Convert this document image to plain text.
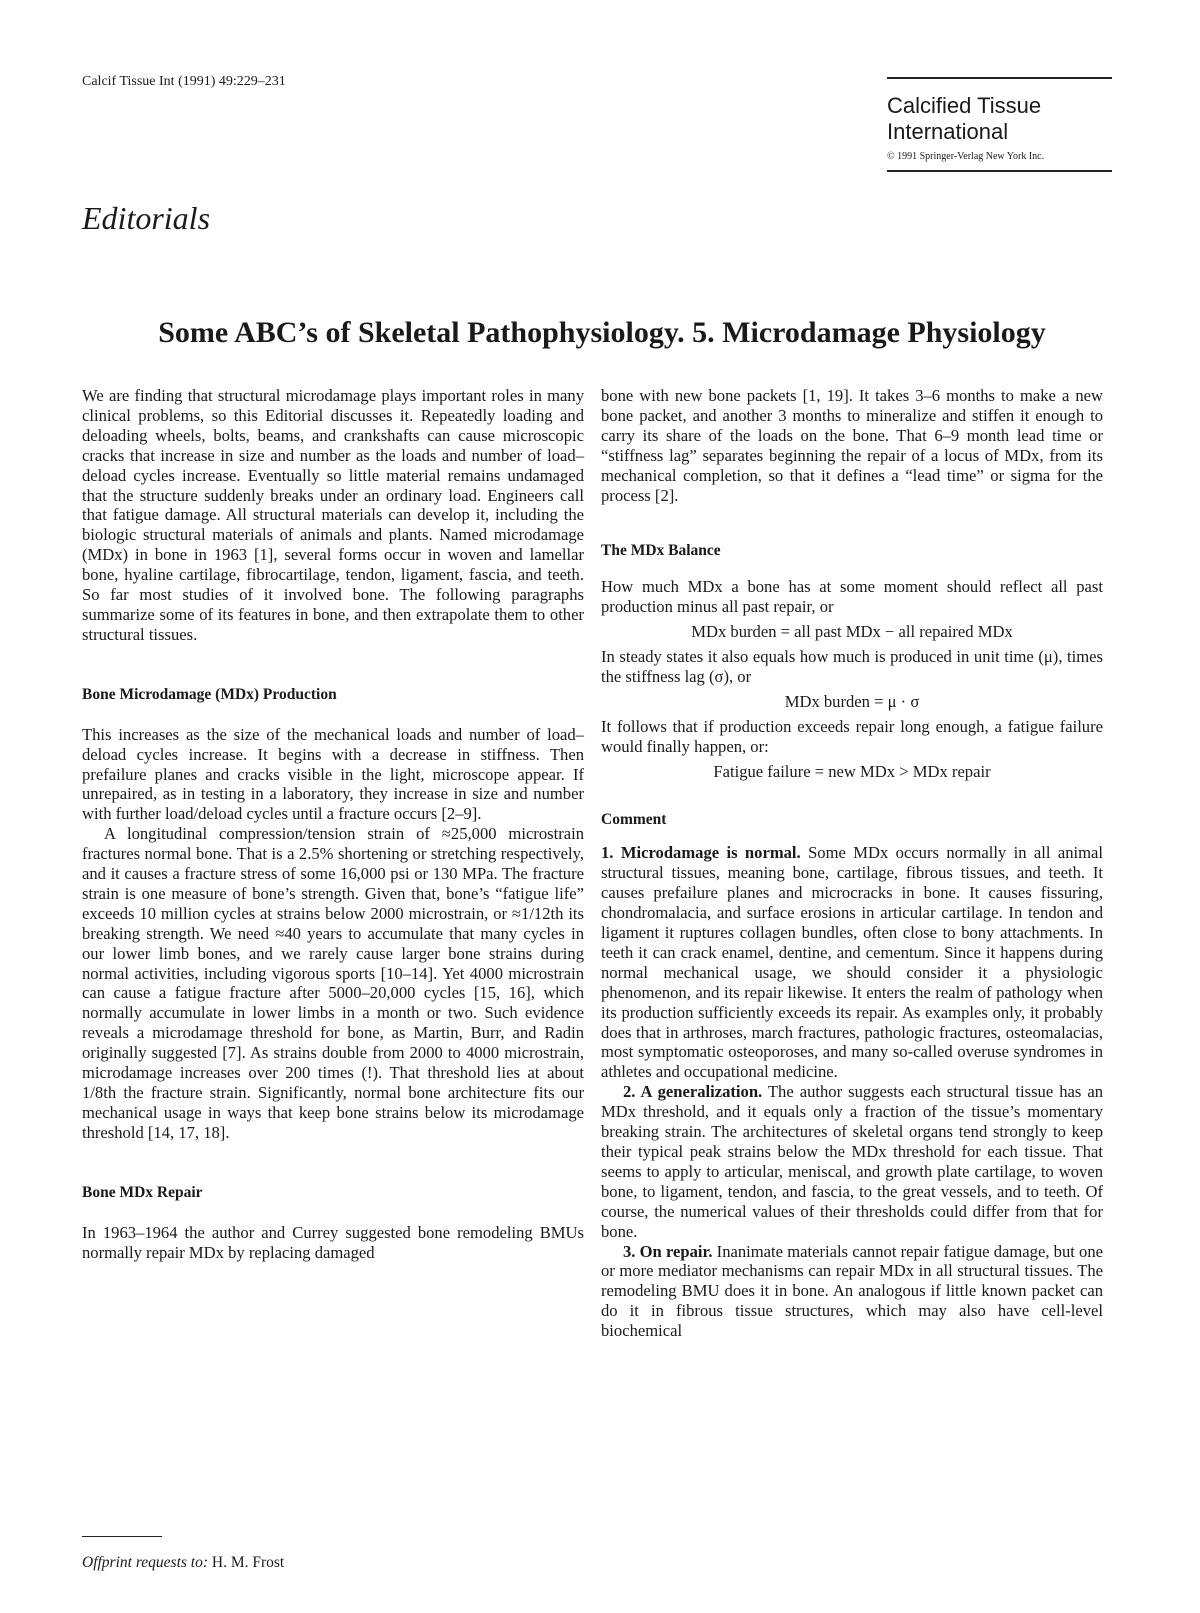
Calcif Tissue Int (1991) 49:229–231
Calcified Tissue
International
© 1991 Springer-Verlag New York Inc.
Editorials
Some ABC’s of Skeletal Pathophysiology. 5. Microdamage Physiology

We are finding that structural microdamage plays important roles in many clinical problems, so this Editorial discusses it. Repeatedly loading and deloading wheels, bolts, beams, and crankshafts can cause microscopic cracks that increase in size and number as the loads and number of load–deload cycles increase. Eventually so little material remains undamaged that the structure suddenly breaks under an ordinary load. Engineers call that fatigue damage. All structural materials can develop it, including the biologic structural materials of animals and plants. Named microdamage (MDx) in bone in 1963 [1], several forms occur in woven and lamellar bone, hyaline cartilage, fibrocartilage, tendon, ligament, fascia, and teeth. So far most studies of it involved bone. The following paragraphs summarize some of its features in bone, and then extrapolate them to other structural tissues.

Bone Microdamage (MDx) Production

This increases as the size of the mechanical loads and number of load–deload cycles increase. It begins with a decrease in stiffness. Then prefailure planes and cracks visible in the light, microscope appear. If unrepaired, as in testing in a laboratory, they increase in size and number with further load/deload cycles until a fracture occurs [2–9].

A longitudinal compression/tension strain of ≈25,000 microstrain fractures normal bone. That is a 2.5% shortening or stretching respectively, and it causes a fracture stress of some 16,000 psi or 130 MPa. The fracture strain is one measure of bone’s strength. Given that, bone’s “fatigue life” exceeds 10 million cycles at strains below 2000 microstrain, or ≈1/12th its breaking strength. We need ≈40 years to accumulate that many cycles in our lower limb bones, and we rarely cause larger bone strains during normal activities, including vigorous sports [10–14]. Yet 4000 microstrain can cause a fatigue fracture after 5000–20,000 cycles [15, 16], which normally accumulate in lower limbs in a month or two. Such evidence reveals a microdamage threshold for bone, as Martin, Burr, and Radin originally suggested [7]. As strains double from 2000 to 4000 microstrain, microdamage increases over 200 times (!). That threshold lies at about 1/8th the fracture strain. Significantly, normal bone architecture fits our mechanical usage in ways that keep bone strains below its microdamage threshold [14, 17, 18].

Bone MDx Repair

In 1963–1964 the author and Currey suggested bone remodeling BMUs normally repair MDx by replacing damaged

bone with new bone packets [1, 19]. It takes 3–6 months to make a new bone packet, and another 3 months to mineralize and stiffen it enough to carry its share of the loads on the bone. That 6–9 month lead time or “stiffness lag” separates beginning the repair of a locus of MDx, from its mechanical completion, so that it defines a “lead time” or sigma for the process [2].

The MDx Balance

How much MDx a bone has at some moment should reflect all past production minus all past repair, or

MDx burden = all past MDx − all repaired MDx

In steady states it also equals how much is produced in unit time (μ), times the stiffness lag (σ), or

MDx burden = μ · σ

It follows that if production exceeds repair long enough, a fatigue failure would finally happen, or:

Fatigue failure = new MDx > MDx repair
Comment

1. Microdamage is normal. Some MDx occurs normally in all animal structural tissues, meaning bone, cartilage, fibrous tissues, and teeth. It causes prefailure planes and microcracks in bone. It causes fissuring, chondromalacia, and surface erosions in articular cartilage. In tendon and ligament it ruptures collagen bundles, often close to bony attachments. In teeth it can crack enamel, dentine, and cementum. Since it happens during normal mechanical usage, we should consider it a physiologic phenomenon, and its repair likewise. It enters the realm of pathology when its production sufficiently exceeds its repair. As examples only, it probably does that in arthroses, march fractures, pathologic fractures, osteomalacias, most symptomatic osteoporoses, and many so-called overuse syndromes in athletes and occupational medicine.

2. A generalization. The author suggests each structural tissue has an MDx threshold, and it equals only a fraction of the tissue’s momentary breaking strain. The architectures of skeletal organs tend strongly to keep their typical peak strains below the MDx threshold for each tissue. That seems to apply to articular, meniscal, and growth plate cartilage, to woven bone, to ligament, tendon, and fascia, to the great vessels, and to teeth. Of course, the numerical values of their thresholds could differ from that for bone.

3. On repair. Inanimate materials cannot repair fatigue damage, but one or more mediator mechanisms can repair MDx in all structural tissues. The remodeling BMU does it in bone. An analogous if little known packet can do it in fibrous tissue structures, which may also have cell-level biochemical

Offprint requests to: H. M. Frost
